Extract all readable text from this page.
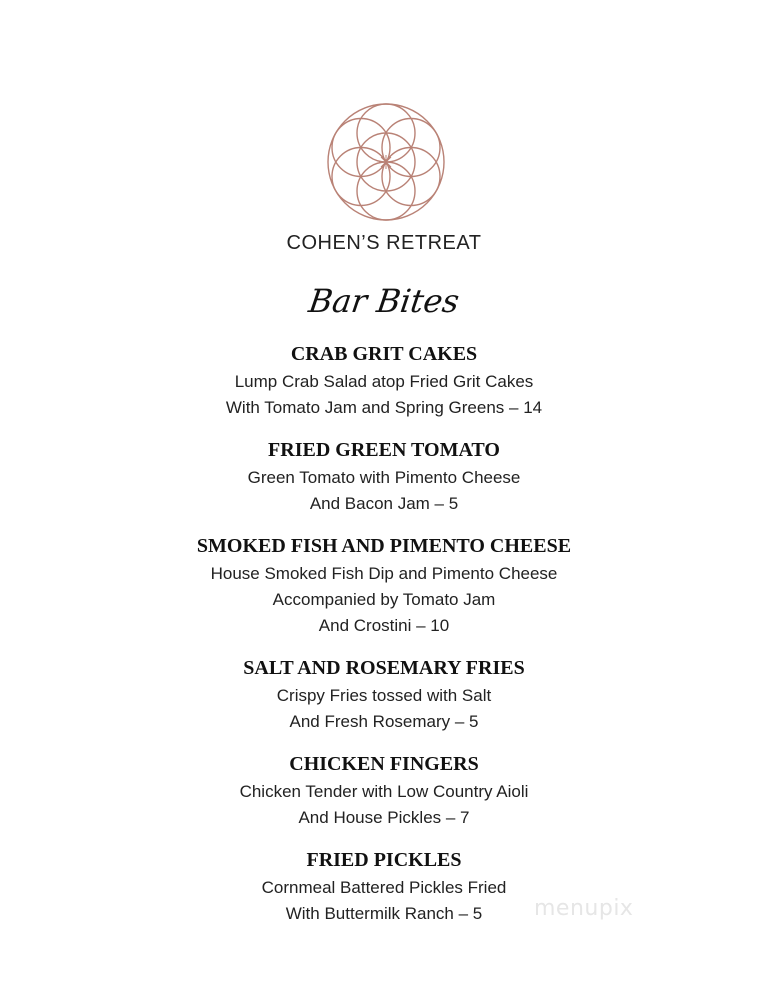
COHEN’S RETREAT
Bar Bites
CRAB GRIT CAKES
Lump Crab Salad atop Fried Grit Cakes
With Tomato Jam and Spring Greens – 14
FRIED GREEN TOMATO
Green Tomato with Pimento Cheese
And Bacon Jam – 5
SMOKED FISH AND PIMENTO CHEESE
House Smoked Fish Dip and Pimento Cheese
Accompanied by Tomato Jam
And Crostini – 10
SALT AND ROSEMARY FRIES
Crispy Fries tossed with Salt
And Fresh Rosemary – 5
CHICKEN FINGERS
Chicken Tender with Low Country Aioli
And House Pickles – 7
FRIED PICKLES
Cornmeal Battered Pickles Fried
With Buttermilk Ranch – 5	menupix
